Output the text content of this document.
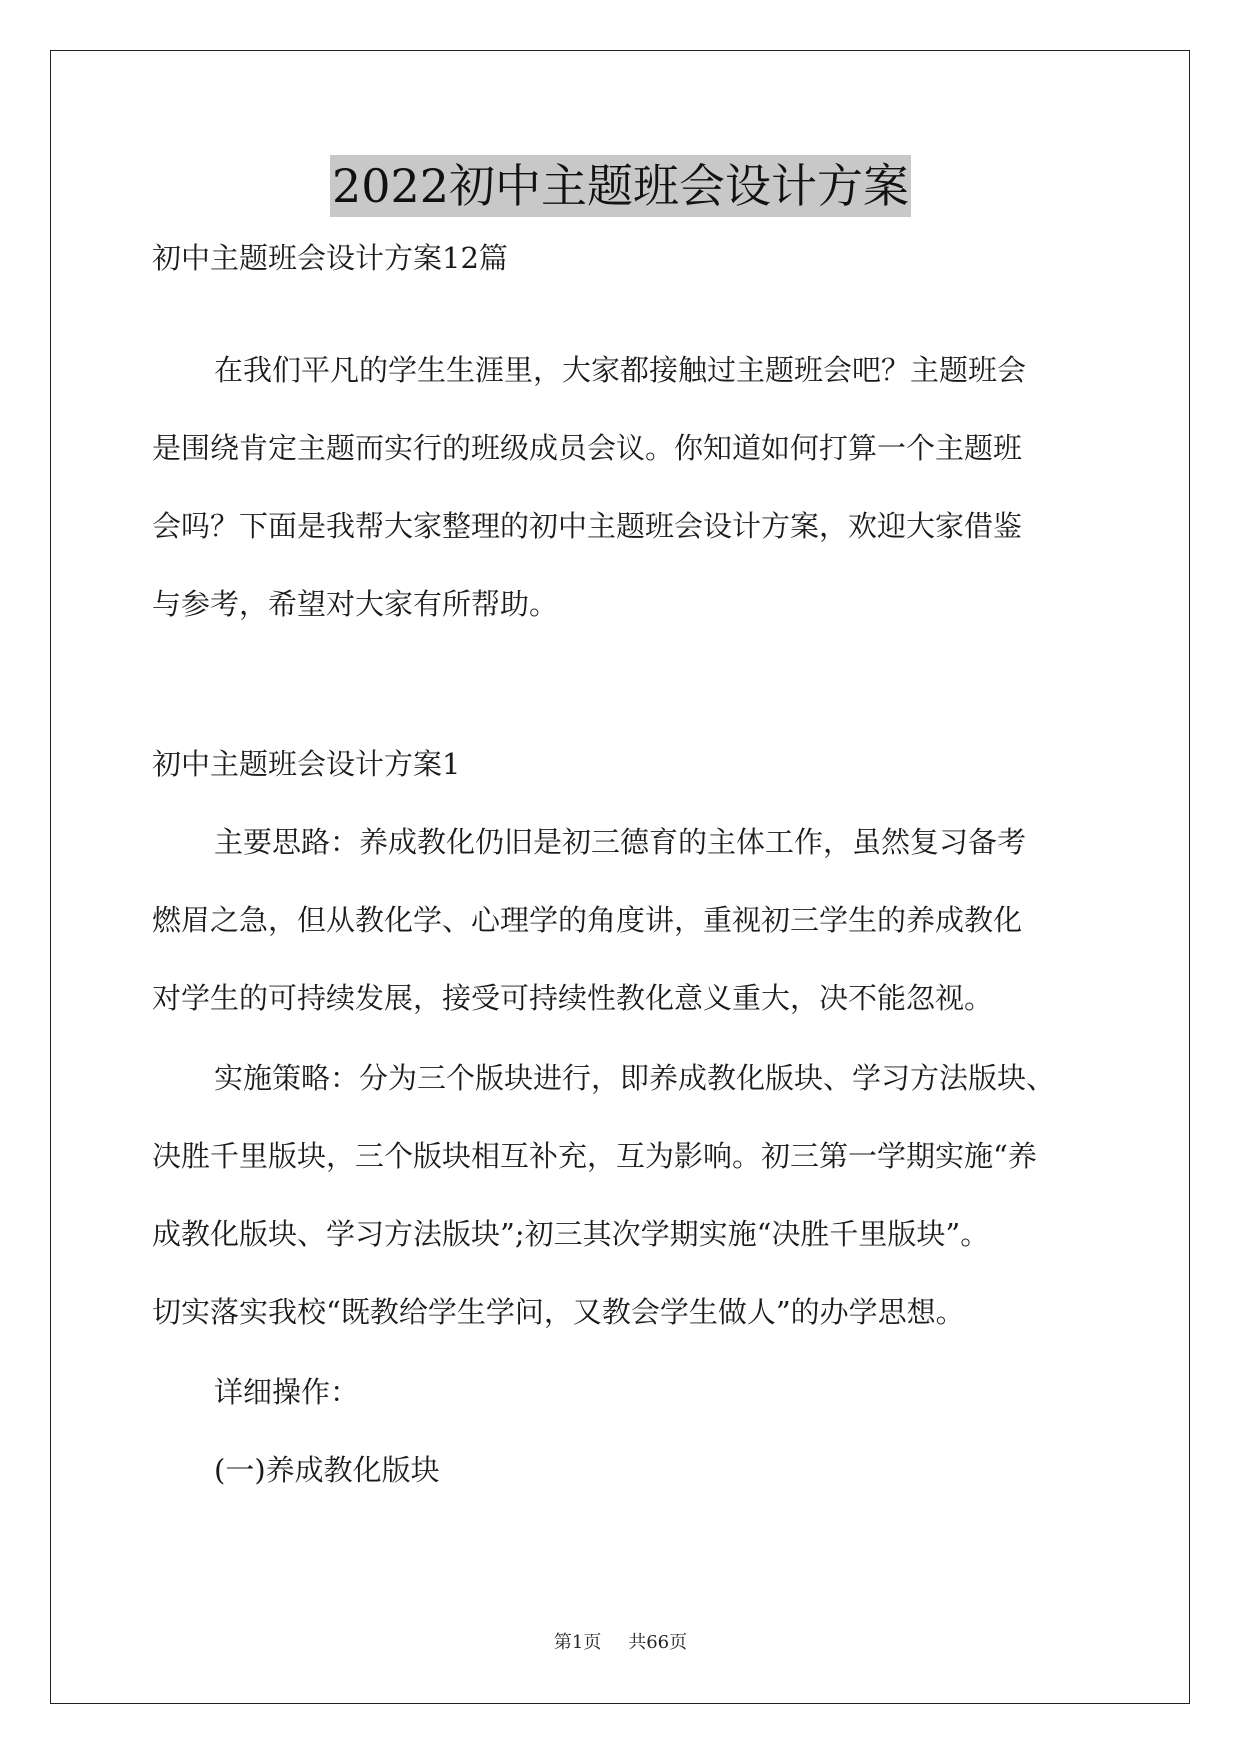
2022初中主题班会设计方案
初中主题班会设计方案12篇
在我们平凡的学生生涯里，大家都接触过主题班会吧？主题班会
是围绕肯定主题而实行的班级成员会议。你知道如何打算一个主题班
会吗？下面是我帮大家整理的初中主题班会设计方案，欢迎大家借鉴
与参考，希望对大家有所帮助。
初中主题班会设计方案1
主要思路：养成教化仍旧是初三德育的主体工作，虽然复习备考
燃眉之急，但从教化学、心理学的角度讲，重视初三学生的养成教化
对学生的可持续发展，接受可持续性教化意义重大，决不能忽视。
实施策略：分为三个版块进行，即养成教化版块、学习方法版块、
决胜千里版块，三个版块相互补充，互为影响。初三第一学期实施“养
成教化版块、学习方法版块”;初三其次学期实施“决胜千里版块”。
切实落实我校“既教给学生学问，又教会学生做人”的办学思想。
详细操作：
(一)养成教化版块
第1页 共66页
